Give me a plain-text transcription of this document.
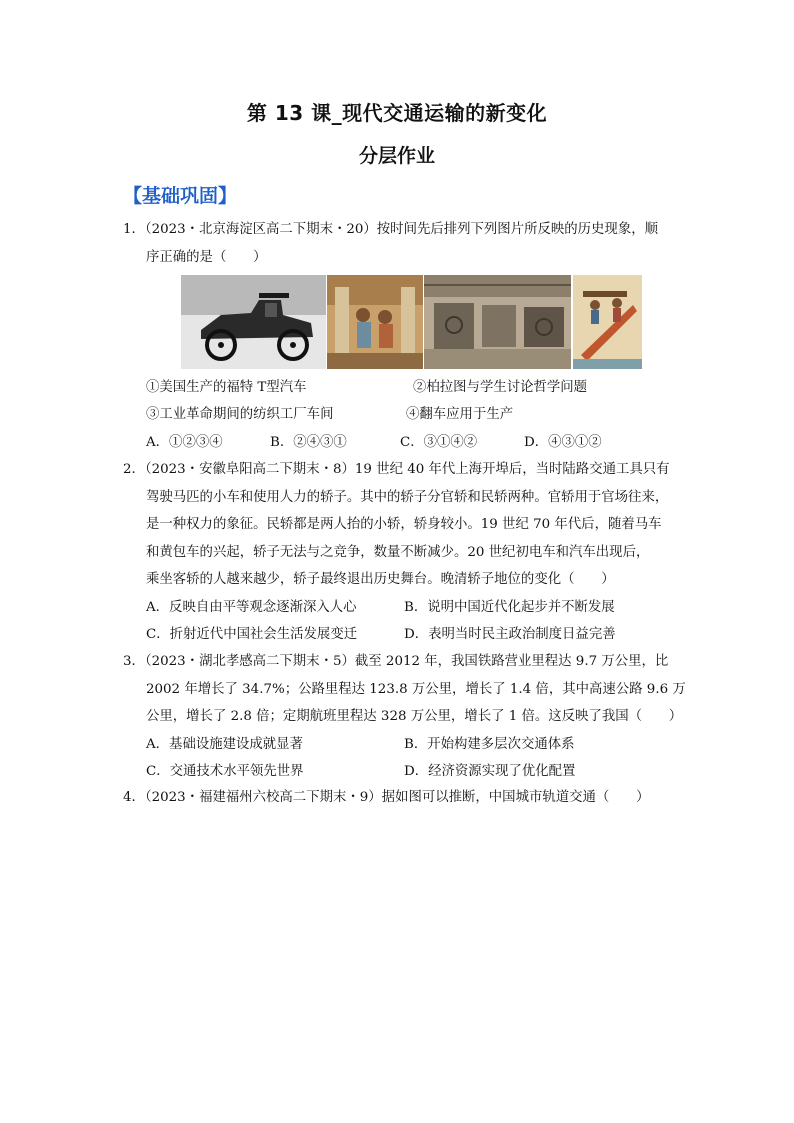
第 13 课_现代交通运输的新变化
分层作业
【基础巩固】
1．（2023・北京海淀区高二下期末・20）按时间先后排列下列图片所反映的历史现象，顺
序正确的是（　　）
①美国生产的福特 T型汽车	②柏拉图与学生讨论哲学问题
③工业革命期间的纺织工厂车间	④翻车应用于生产
A．①②③④	B．②④③①	C．③①④②	D．④③①②
2．（2023・安徽阜阳高二下期末・8）19 世纪 40 年代上海开埠后，当时陆路交通工具只有
驾驶马匹的小车和使用人力的轿子。其中的轿子分官轿和民轿两种。官轿用于官场往来，
是一种权力的象征。民轿都是两人抬的小轿，轿身较小。19 世纪 70 年代后，随着马车
和黄包车的兴起，轿子无法与之竞争，数量不断减少。20 世纪初电车和汽车出现后，
乘坐客轿的人越来越少，轿子最终退出历史舞台。晚清轿子地位的变化（　　）
A．反映自由平等观念逐渐深入人心	B．说明中国近代化起步并不断发展
C．折射近代中国社会生活发展变迁	D．表明当时民主政治制度日益完善
3．（2023・湖北孝感高二下期末・5）截至 2012 年，我国铁路营业里程达 9.7 万公里，比
2002 年增长了 34.7%；公路里程达 123.8 万公里，增长了 1.4 倍，其中高速公路 9.6 万
公里，增长了 2.8 倍；定期航班里程达 328 万公里，增长了 1 倍。这反映了我国（　　）
A．基础设施建设成就显著	B．开始构建多层次交通体系
C．交通技术水平领先世界	D．经济资源实现了优化配置
4．（2023・福建福州六校高二下期末・9）据如图可以推断，中国城市轨道交通（　　）
